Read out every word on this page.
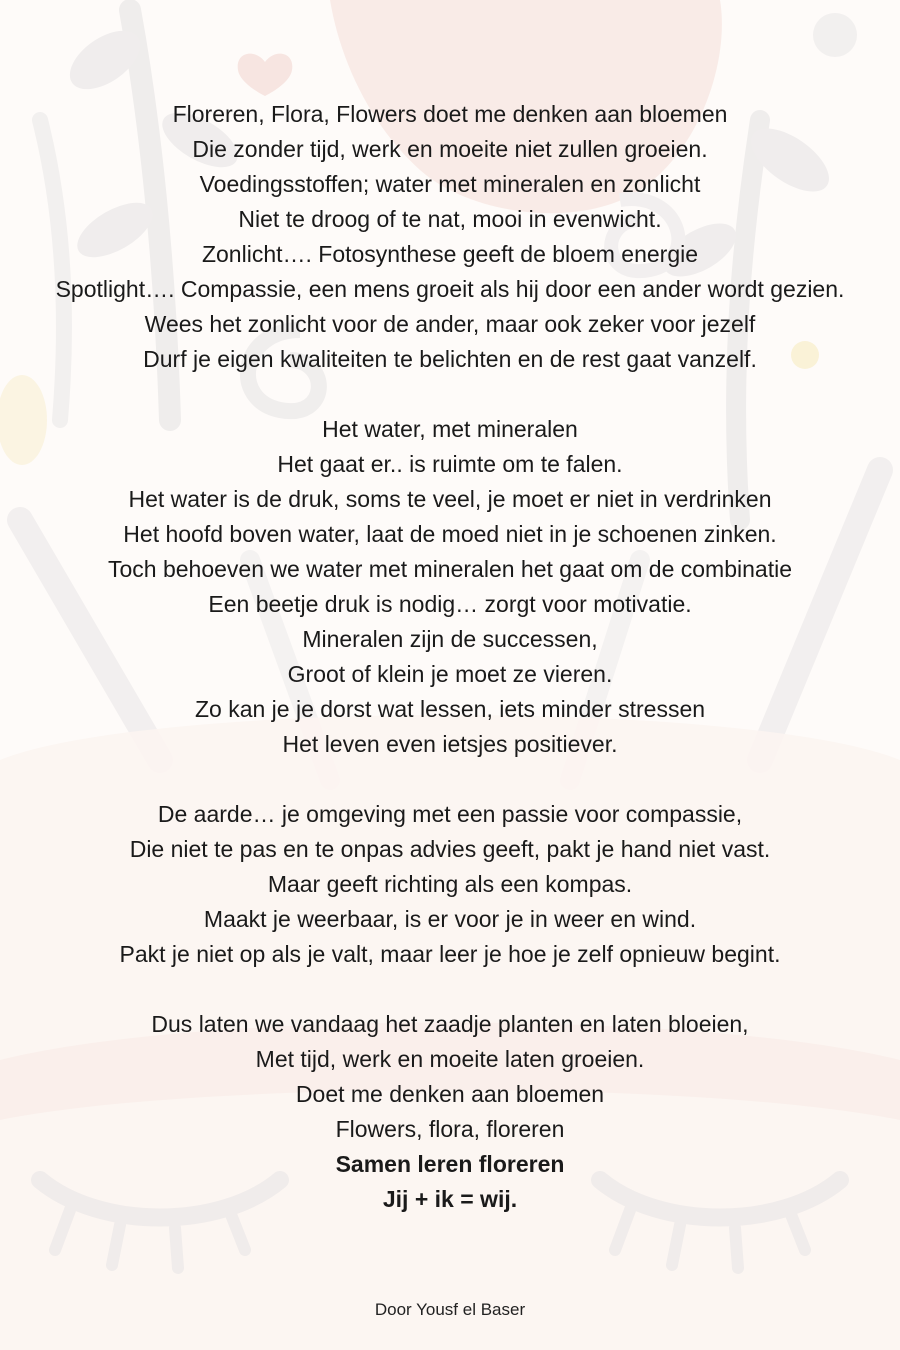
Floreren, Flora, Flowers doet me denken aan bloemen
Die zonder tijd, werk en moeite niet zullen groeien.
Voedingsstoffen; water met mineralen en zonlicht
Niet te droog of te nat, mooi in evenwicht.
Zonlicht…. Fotosynthese geeft de bloem energie
Spotlight…. Compassie, een mens groeit als hij door een ander wordt gezien.
Wees het zonlicht voor de ander, maar ook zeker voor jezelf
Durf je eigen kwaliteiten te belichten en de rest gaat vanzelf.
Het water, met mineralen
Het gaat er.. is ruimte om te falen.
Het water is de druk, soms te veel, je moet er niet in verdrinken
Het hoofd boven water, laat de moed niet in je schoenen zinken.
Toch behoeven we water met mineralen het gaat om de combinatie
Een beetje druk is nodig… zorgt voor motivatie.
Mineralen zijn de successen,
Groot of klein je moet ze vieren.
Zo kan je je dorst wat lessen, iets minder stressen
Het leven even ietsjes positiever.
De aarde… je omgeving met een passie voor compassie,
Die niet te pas en te onpas advies geeft, pakt je hand niet vast.
Maar geeft richting als een kompas.
Maakt je weerbaar, is er voor je in weer en wind.
Pakt je niet op als je valt, maar leer je hoe je zelf opnieuw begint.
Dus laten we vandaag het zaadje planten en laten bloeien,
Met tijd, werk en moeite laten groeien.
Doet me denken aan bloemen
Flowers, flora, floreren
Samen leren floreren
Jij + ik = wij.
Door Yousf el Baser
